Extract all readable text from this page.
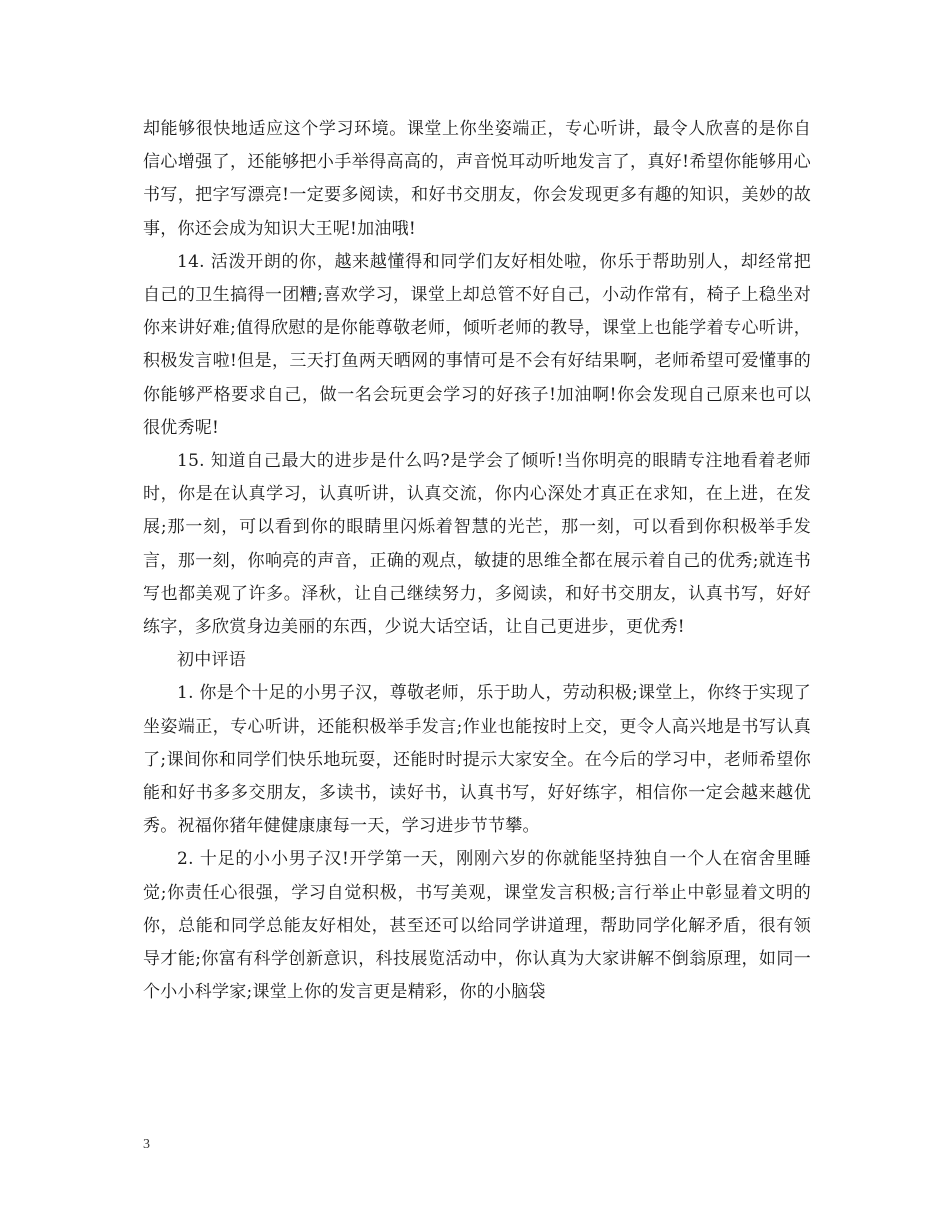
却能够很快地适应这个学习环境。课堂上你坐姿端正，专心听讲，最令人欣喜的是你自信心增强了，还能够把小手举得高高的，声音悦耳动听地发言了，真好!希望你能够用心书写，把字写漂亮!一定要多阅读，和好书交朋友，你会发现更多有趣的知识，美妙的故事，你还会成为知识大王呢!加油哦!

14. 活泼开朗的你，越来越懂得和同学们友好相处啦，你乐于帮助别人，却经常把自己的卫生搞得一团糟;喜欢学习，课堂上却总管不好自己，小动作常有，椅子上稳坐对你来讲好难;值得欣慰的是你能尊敬老师，倾听老师的教导，课堂上也能学着专心听讲，积极发言啦!但是，三天打鱼两天晒网的事情可是不会有好结果啊，老师希望可爱懂事的你能够严格要求自己，做一名会玩更会学习的好孩子!加油啊!你会发现自己原来也可以很优秀呢!

15. 知道自己最大的进步是什么吗?是学会了倾听!当你明亮的眼睛专注地看着老师时，你是在认真学习，认真听讲，认真交流，你内心深处才真正在求知，在上进，在发展;那一刻，可以看到你的眼睛里闪烁着智慧的光芒，那一刻，可以看到你积极举手发言，那一刻，你响亮的声音，正确的观点，敏捷的思维全都在展示着自己的优秀;就连书写也都美观了许多。泽秋，让自己继续努力，多阅读，和好书交朋友，认真书写，好好练字，多欣赏身边美丽的东西，少说大话空话，让自己更进步，更优秀!

初中评语

1. 你是个十足的小男子汉，尊敬老师，乐于助人，劳动积极;课堂上，你终于实现了坐姿端正，专心听讲，还能积极举手发言;作业也能按时上交，更令人高兴地是书写认真了;课间你和同学们快乐地玩耍，还能时时提示大家安全。在今后的学习中，老师希望你能和好书多多交朋友，多读书，读好书，认真书写，好好练字，相信你一定会越来越优秀。祝福你猪年健健康康每一天，学习进步节节攀。

2. 十足的小小男子汉!开学第一天，刚刚六岁的你就能坚持独自一个人在宿舍里睡觉;你责任心很强，学习自觉积极，书写美观，课堂发言积极;言行举止中彰显着文明的你，总能和同学总能友好相处，甚至还可以给同学讲道理，帮助同学化解矛盾，很有领导才能;你富有科学创新意识，科技展览活动中，你认真为大家讲解不倒翁原理，如同一个小小科学家;课堂上你的发言更是精彩，你的小脑袋

3
